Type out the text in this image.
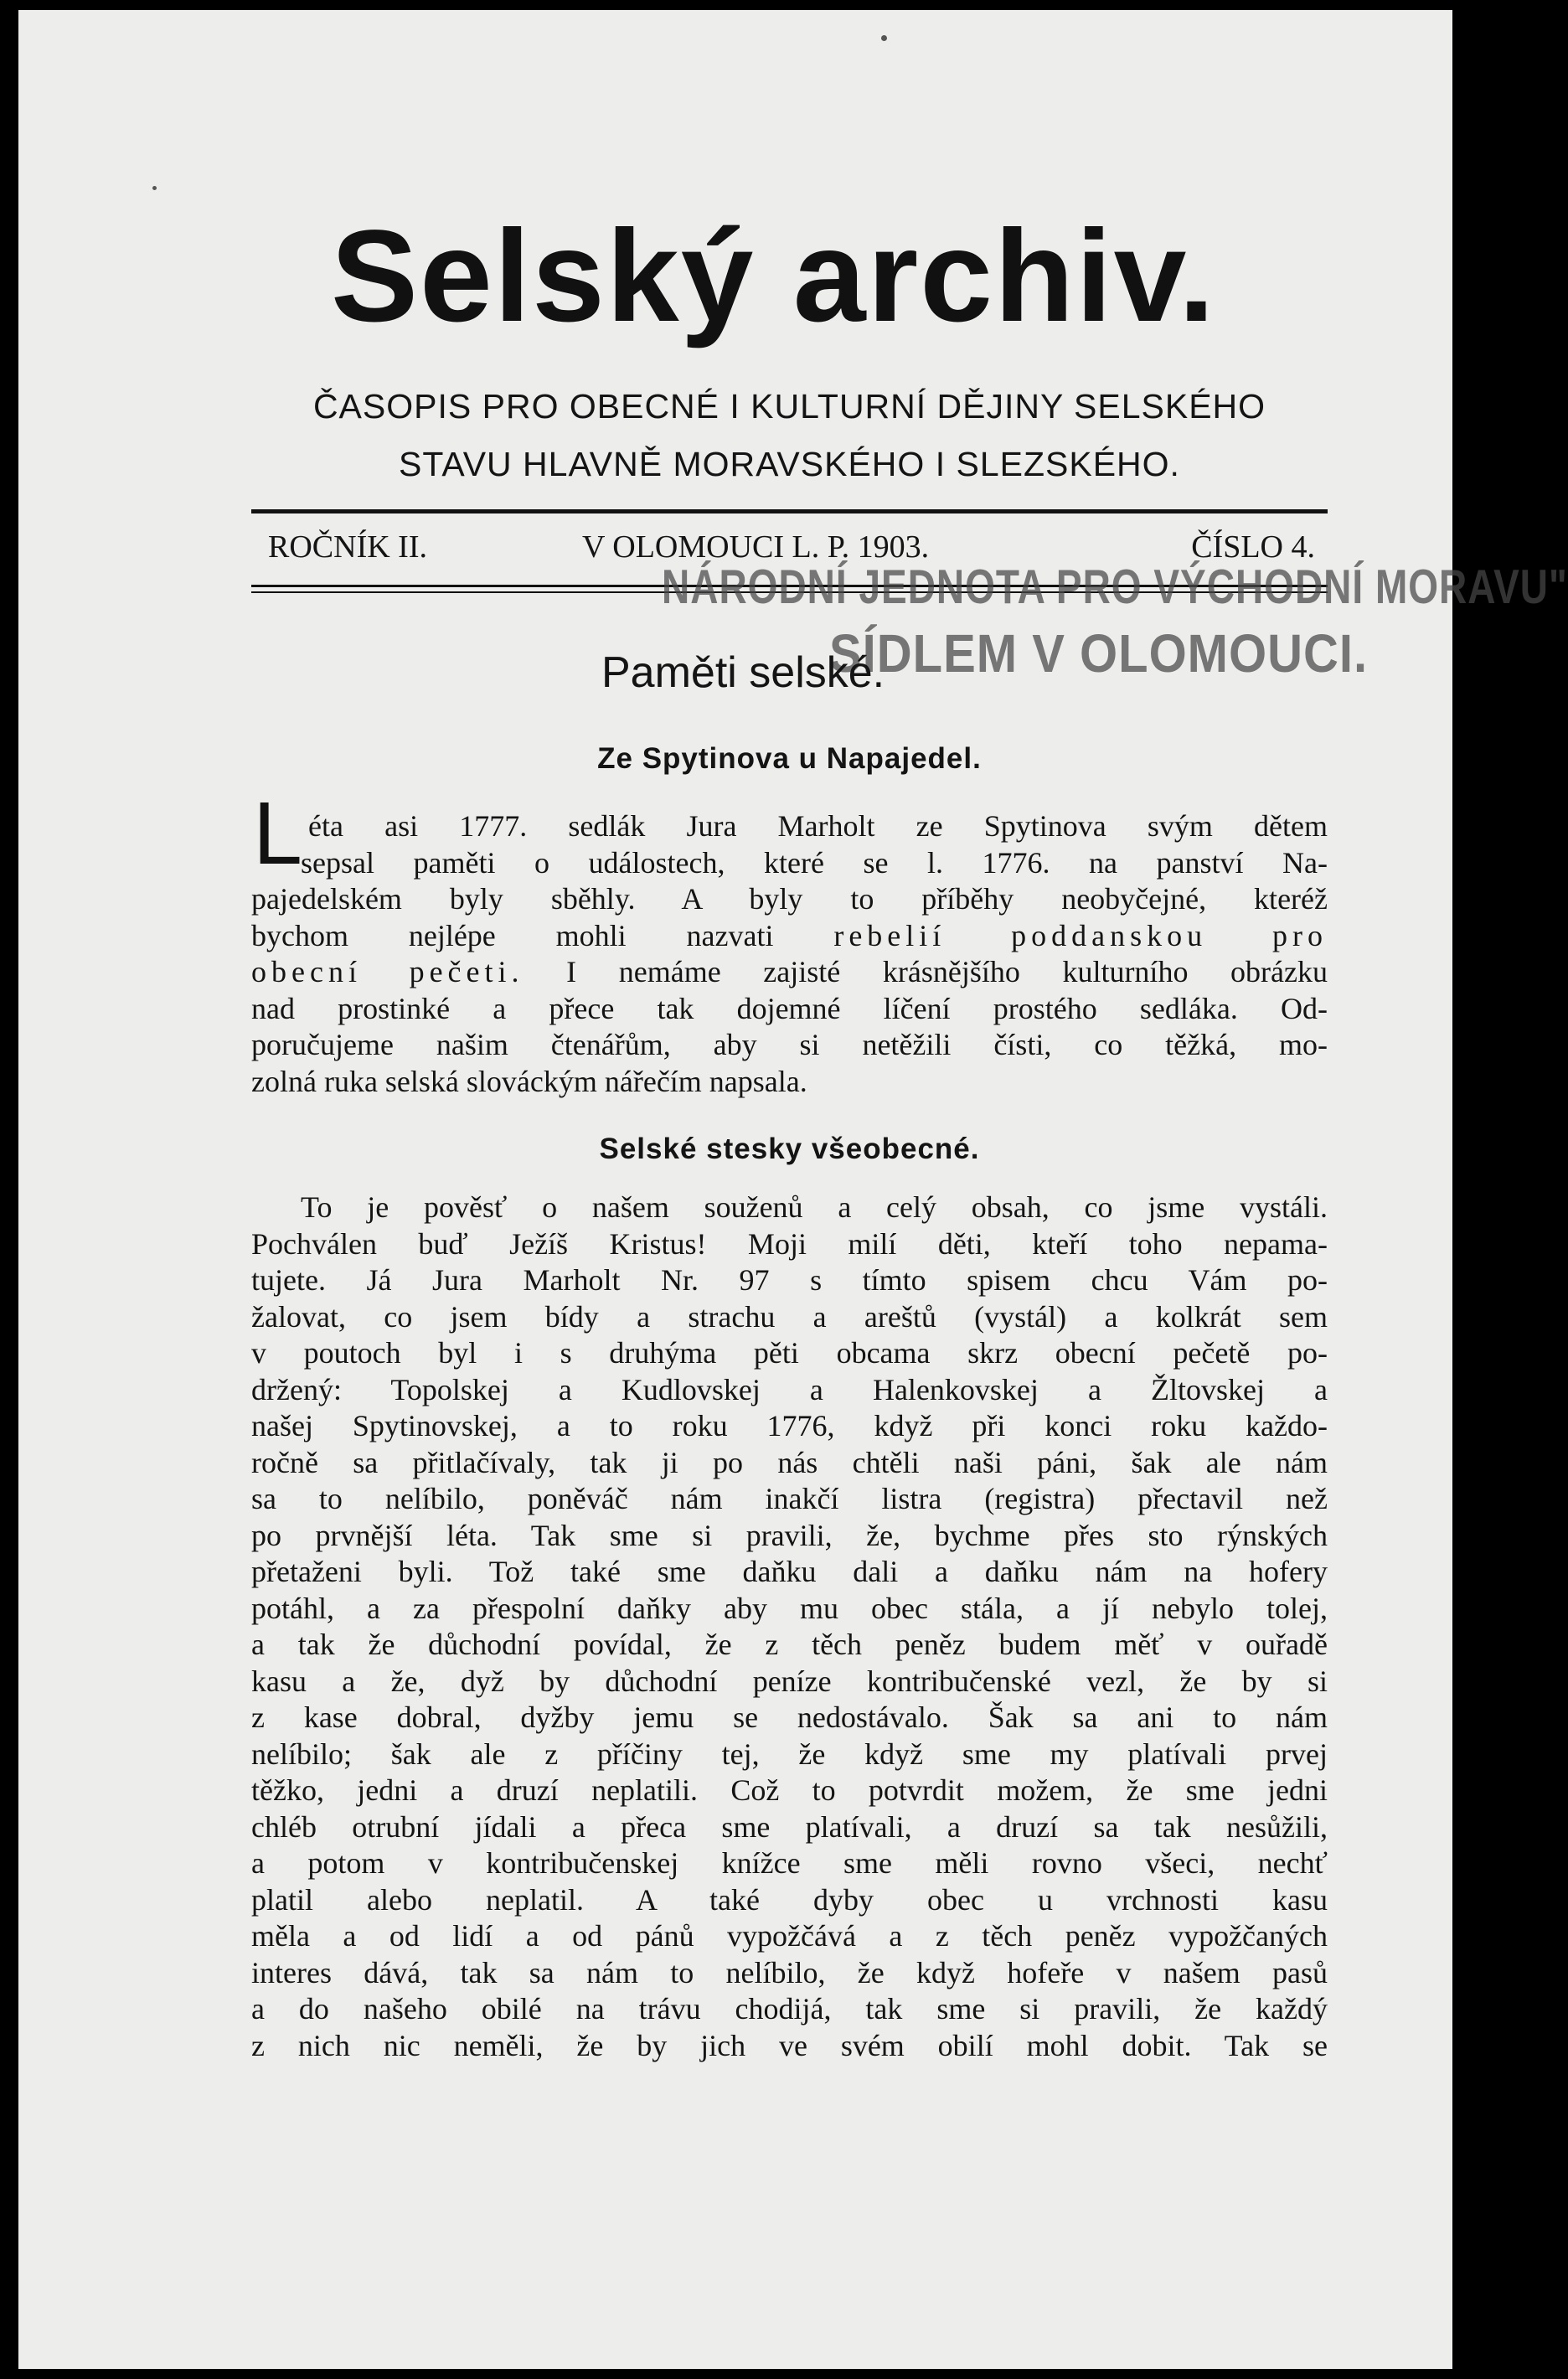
Selský archiv.
ČASOPIS PRO OBECNÉ I KULTURNÍ DĚJINY SELSKÉHO
STAVU HLAVNĚ MORAVSKÉHO I SLEZSKÉHO.
ROČNÍK II.	V OLOMOUCI L. P. 1903.	ČÍSLO 4.
NÁRODNÍ JEDNOTA PRO VÝCHODNÍ MORAVU"
SÍDLEM V OLOMOUCI.
Paměti selské.
Ze Spytinova u Napajedel.
L éta asi 1777. sedlák Jura Marholt ze Spytinova svým dětem
sepsal paměti o událostech, které se l. 1776. na panství Na-
pajedelském byly sběhly. A byly to příběhy neobyčejné, kteréž
bychom nejlépe mohli nazvati rebelií poddanskou pro
obecní pečeti. I nemáme zajisté krásnějšího kulturního obrázku
nad prostinké a přece tak dojemné líčení prostého sedláka. Od-
poručujeme našim čtenářům, aby si netěžili čísti, co těžká, mo-
zolná ruka selská slováckým nářečím napsala.
Selské stesky všeobecné.
To je pověsť o našem souženů a celý obsah, co jsme vystáli.
Pochválen buď Ježíš Kristus! Moji milí děti, kteří toho nepama-
tujete. Já Jura Marholt Nr. 97 s tímto spisem chcu Vám po-
žalovat, co jsem bídy a strachu a areštů (vystál) a kolkrát sem
v poutoch byl i s druhýma pěti obcama skrz obecní pečetě po-
držený: Topolskej a Kudlovskej a Halenkovskej a Žltovskej a
našej Spytinovskej, a to roku 1776, když při konci roku každo-
ročně sa přitlačívaly, tak ji po nás chtěli naši páni, šak ale nám
sa to nelíbilo, poněváč nám inakčí listra (registra) přectavil než
po prvnější léta. Tak sme si pravili, že, bychme přes sto rýnských
přetaženi byli. Tož také sme daňku dali a daňku nám na hofery
potáhl, a za přespolní daňky aby mu obec stála, a jí nebylo tolej,
a tak že důchodní povídal, že z těch peněz budem měť v ouřadě
kasu a že, dyž by důchodní peníze kontribučenské vezl, že by si
z kase dobral, dyžby jemu se nedostávalo. Šak sa ani to nám
nelíbilo; šak ale z příčiny tej, že když sme my platívali prvej
těžko, jedni a druzí neplatili. Což to potvrdit možem, že sme jedni
chléb otrubní jídali a přeca sme platívali, a druzí sa tak nesůžili,
a potom v kontribučenskej knížce sme měli rovno všeci, nechť
platil alebo neplatil. A také dyby obec u vrchnosti kasu
měla a od lidí a od pánů vypožčává a z těch peněz vypožčaných
interes dává, tak sa nám to nelíbilo, že když hofeře v našem pasů
a do našeho obilé na trávu chodijá, tak sme si pravili, že každý
z nich nic neměli, že by jich ve svém obilí mohl dobit. Tak se
